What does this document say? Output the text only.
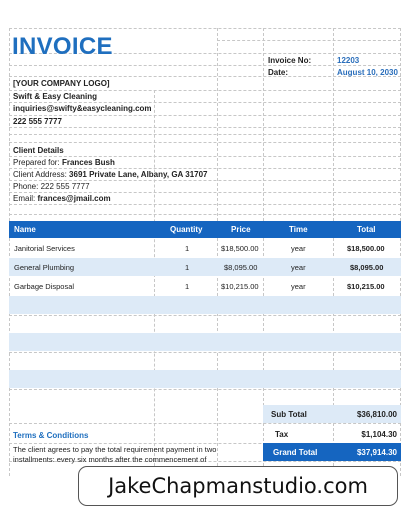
INVOICE
Invoice No:	12203
Date:	August 10, 2030
[YOUR COMPANY LOGO]
Swift & Easy Cleaning
inquiries@swifty&easycleaning.com
222 555 7777
Client Details
Prepared for: Frances Bush
Client Address: 3691 Private Lane, Albany, GA 31707
Phone: 222 555 7777
Email: frances@jmail.com
Name	Quantity	Price	Time	Total
Janitorial Services	1	$18,500.00	year	$18,500.00
General Plumbing	1	$8,095.00	year	$8,095.00
Garbage Disposal	1	$10,215.00	year	$10,215.00
Sub Total	$36,810.00
Tax	$1,104.30
Grand Total	$37,914.30
Terms & Conditions
The client agrees to pay the total requirement payment in two installments: every six months after the commencement of
JakeChapmanstudio.com
